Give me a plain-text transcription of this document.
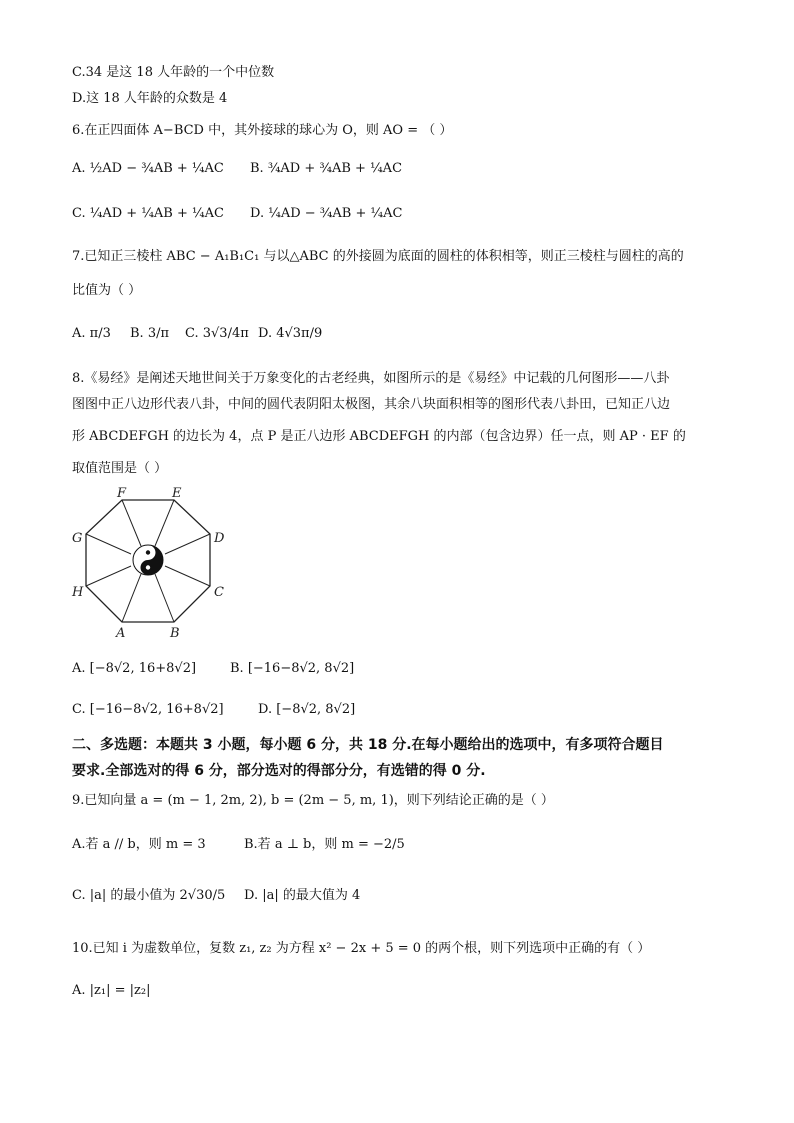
C.34 是这 18 人年龄的一个中位数
D.这 18 人年龄的众数是 4
6.在正四面体 A−BCD 中，其外接球的球心为 O，则 AO = （ ）
A. ½AD − ¾AB + ¼AC B. ¾AD + ¾AB + ¼AC
C. ¼AD + ¼AB + ¼AC D. ¼AD − ¾AB + ¼AC
7.已知正三棱柱 ABC − A₁B₁C₁ 与以△ABC 的外接圆为底面的圆柱的体积相等，则正三棱柱与圆柱的高的
比值为（ ）
A. π/3 B. 3/π C. 3√3/4π D. 4√3π/9
8.《易经》是阐述天地世间关于万象变化的古老经典，如图所示的是《易经》中记载的几何图形——八卦
图图中正八边形代表八卦，中间的圆代表阴阳太极图，其余八块面积相等的图形代表八卦田，已知正八边
形 ABCDEFGH 的边长为 4，点 P 是正八边形 ABCDEFGH 的内部（包含边界）任一点，则 AP · EF 的
取值范围是（ ）
F	E
G	D
H	C
A	B
A. [−8√2, 16+8√2]	B. [−16−8√2, 8√2]
C. [−16−8√2, 16+8√2]	D. [−8√2, 8√2]
二、多选题：本题共 3 小题，每小题 6 分，共 18 分.在每小题给出的选项中，有多项符合题目
要求.全部选对的得 6 分，部分选对的得部分分，有选错的得 0 分.
9.已知向量 a = (m − 1, 2m, 2), b = (2m − 5, m, 1)，则下列结论正确的是（ ）
A.若 a // b，则 m = 3	B.若 a ⊥ b，则 m = −2/5
C. |a| 的最小值为 2√30/5 D. |a| 的最大值为 4
10.已知 i 为虚数单位，复数 z₁, z₂ 为方程 x² − 2x + 5 = 0 的两个根，则下列选项中正确的有（ ）
A. |z₁| = |z₂|
